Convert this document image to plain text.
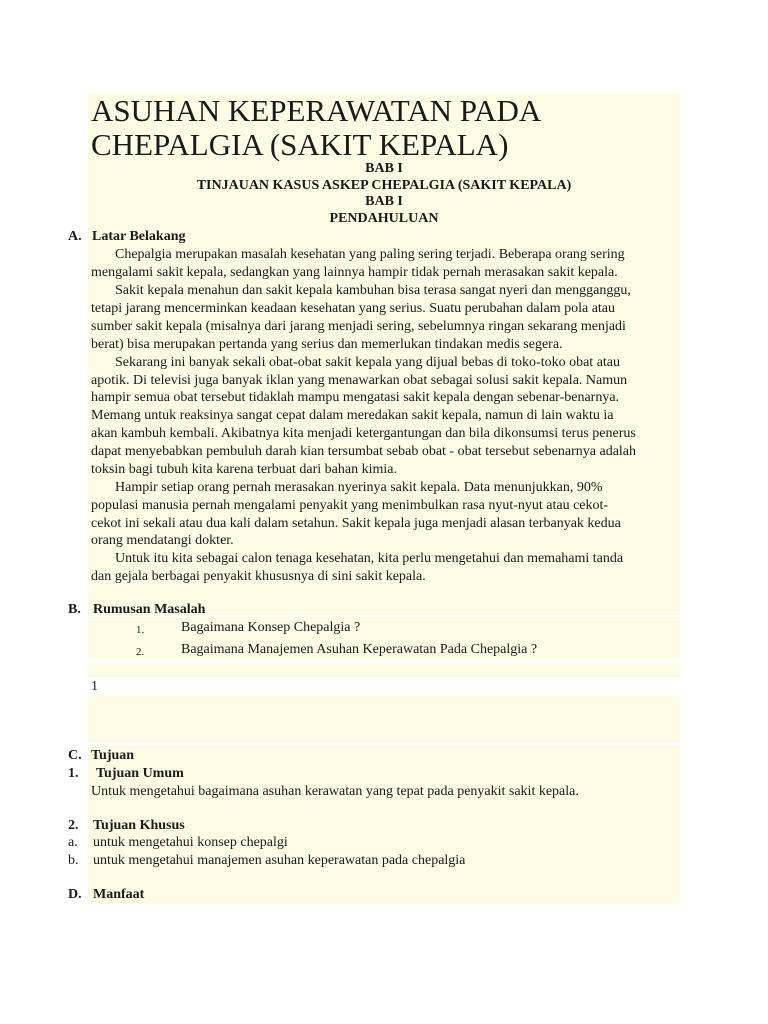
ASUHAN KEPERAWATAN PADA
CHEPALGIA (SAKIT KEPALA)
BAB I
TINJAUAN KASUS ASKEP CHEPALGIA (SAKIT KEPALA)
BAB I
PENDAHULUAN
A. Latar Belakang
Chepalgia merupakan masalah kesehatan yang paling sering terjadi. Beberapa orang sering
mengalami sakit kepala, sedangkan yang lainnya hampir tidak pernah merasakan sakit kepala.
Sakit kepala menahun dan sakit kepala kambuhan bisa terasa sangat nyeri dan mengganggu,
tetapi jarang mencerminkan keadaan kesehatan yang serius. Suatu perubahan dalam pola atau
sumber sakit kepala (misalnya dari jarang menjadi sering, sebelumnya ringan sekarang menjadi
berat) bisa merupakan pertanda yang serius dan memerlukan tindakan medis segera.
Sekarang ini banyak sekali obat-obat sakit kepala yang dijual bebas di toko-toko obat atau
apotik. Di televisi juga banyak iklan yang menawarkan obat sebagai solusi sakit kepala. Namun
hampir semua obat tersebut tidaklah mampu mengatasi sakit kepala dengan sebenar-benarnya.
Memang untuk reaksinya sangat cepat dalam meredakan sakit kepala, namun di lain waktu ia
akan kambuh kembali. Akibatnya kita menjadi ketergantungan dan bila dikonsumsi terus penerus
dapat menyebabkan pembuluh darah kian tersumbat sebab obat - obat tersebut sebenarnya adalah
toksin bagi tubuh kita karena terbuat dari bahan kimia.
Hampir setiap orang pernah merasakan nyerinya sakit kepala. Data menunjukkan, 90%
populasi manusia pernah mengalami penyakit yang menimbulkan rasa nyut-nyut atau cekot-
cekot ini sekali atau dua kali dalam setahun. Sakit kepala juga menjadi alasan terbanyak kedua
orang mendatangi dokter.
Untuk itu kita sebagai calon tenaga kesehatan, kita perlu mengetahui dan memahami tanda
dan gejala berbagai penyakit khususnya di sini sakit kepala.
B. Rumusan Masalah
1.	Bagaimana Konsep Chepalgia ?
2.	Bagaimana Manajemen Asuhan Keperawatan Pada Chepalgia ?
1
C. Tujuan
1. Tujuan Umum
Untuk mengetahui bagaimana asuhan kerawatan yang tepat pada penyakit sakit kepala.
2. Tujuan Khusus
a. untuk mengetahui konsep chepalgi
b. untuk mengetahui manajemen asuhan keperawatan pada chepalgia
D. Manfaat
